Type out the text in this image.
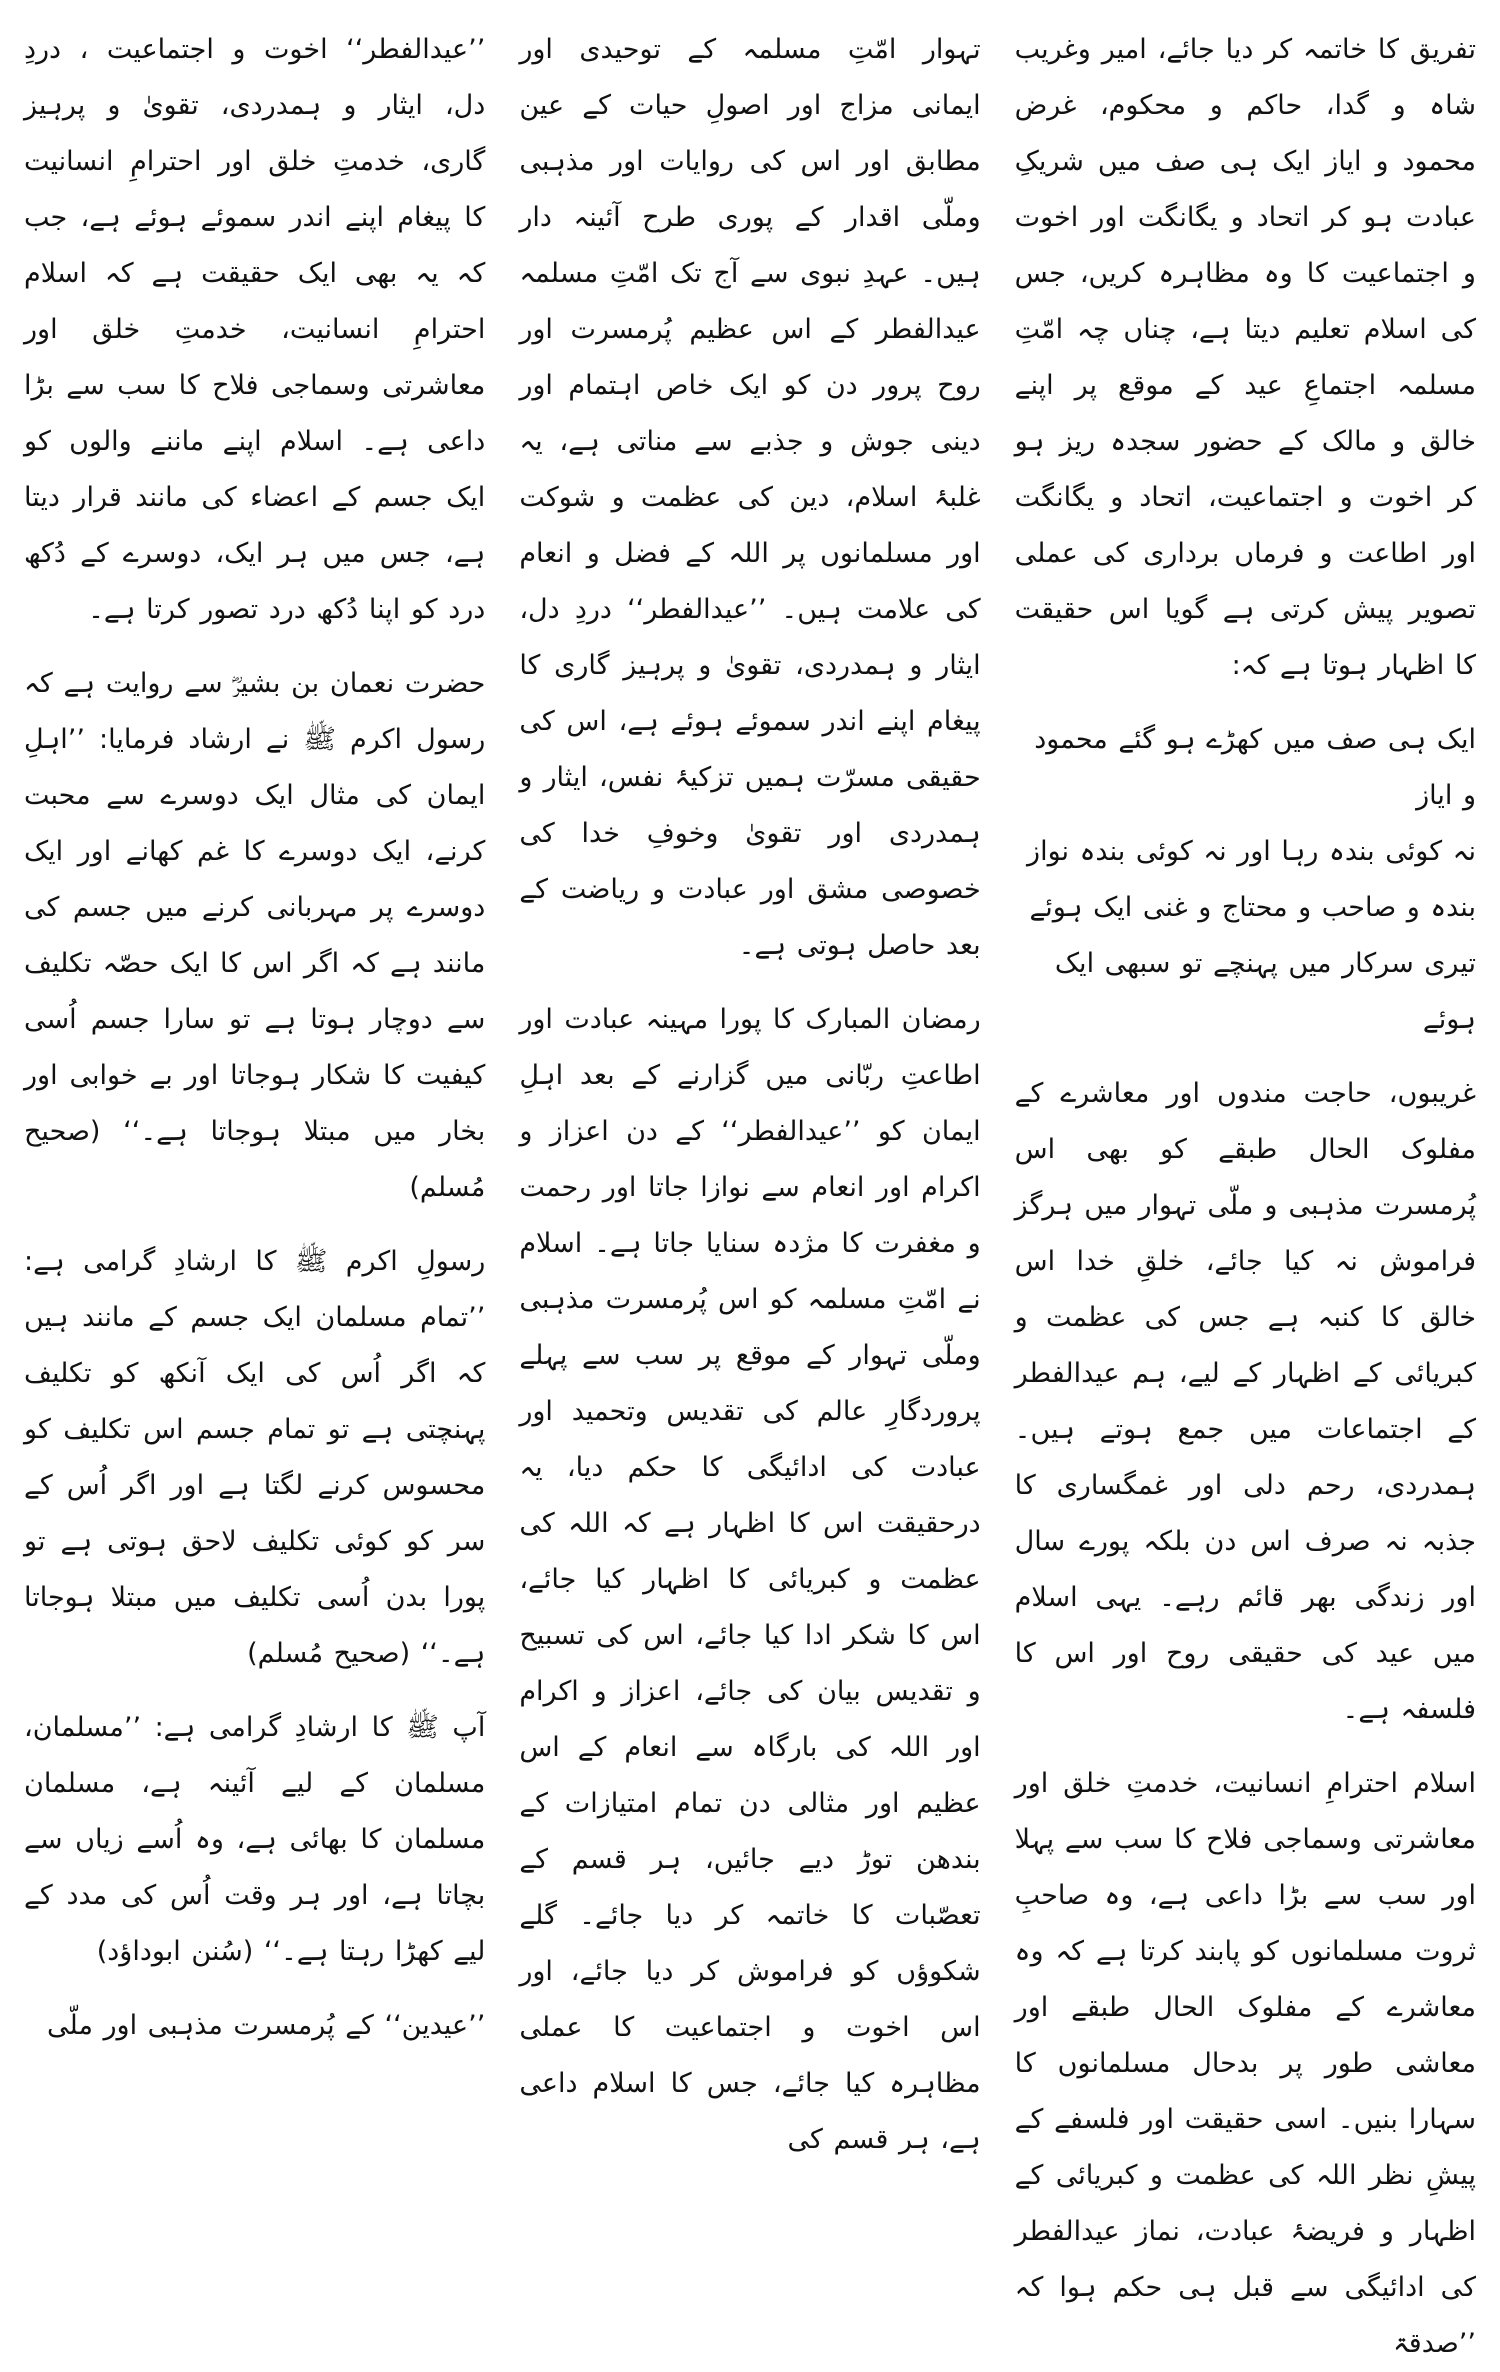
’’عیدالفطر‘‘ اخوت و اجتماعیت ، دردِ دل، ایثار و ہمدردی، تقویٰ و پرہیز گاری، خدمتِ خلق اور احترامِ انسانیت کا پیغام اپنے اندر سموئے ہوئے ہے، جب کہ یہ بھی ایک حقیقت ہے کہ اسلام احترامِ انسانیت، خدمتِ خلق اور معاشرتی وسماجی فلاح کا سب سے بڑا داعی ہے۔ اسلام اپنے ماننے والوں کو ایک جسم کے اعضاء کی مانند قرار دیتا ہے، جس میں ہر ایک، دوسرے کے دُکھ درد کو اپنا دُکھ درد تصور کرتا ہے۔

حضرت نعمان بن بشیرؓ سے روایت ہے کہ رسول اکرم ﷺ نے ارشاد فرمایا: ’’اہلِ ایمان کی مثال ایک دوسرے سے محبت کرنے، ایک دوسرے کا غم کھانے اور ایک دوسرے پر مہربانی کرنے میں جسم کی مانند ہے کہ اگر اس کا ایک حصّہ تکلیف سے دوچار ہوتا ہے تو سارا جسم اُسی کیفیت کا شکار ہوجاتا اور بے خوابی اور بخار میں مبتلا ہوجاتا ہے۔‘‘ (صحیح مُسلم)

رسولِ اکرم ﷺ کا ارشادِ گرامی ہے: ’’تمام مسلمان ایک جسم کے مانند ہیں کہ اگر اُس کی ایک آنکھ کو تکلیف پہنچتی ہے تو تمام جسم اس تکلیف کو محسوس کرنے لگتا ہے اور اگر اُس کے سر کو کوئی تکلیف لاحق ہوتی ہے تو پورا بدن اُسی تکلیف میں مبتلا ہوجاتا ہے۔‘‘ (صحیح مُسلم)

آپ ﷺ کا ارشادِ گرامی ہے: ’’مسلمان، مسلمان کے لیے آئینہ ہے، مسلمان مسلمان کا بھائی ہے، وہ اُسے زیاں سے بچاتا ہے، اور ہر وقت اُس کی مدد کے لیے کھڑا رہتا ہے۔‘‘ (سُنن ابوداؤد)

’’عیدین‘‘ کے پُرمسرت مذہبی اور ملّی

تہوار امّتِ مسلمہ کے توحیدی اور ایمانی مزاج اور اصولِ حیات کے عین مطابق اور اس کی روایات اور مذہبی وملّی اقدار کے پوری طرح آئینہ دار ہیں۔ عہدِ نبوی سے آج تک امّتِ مسلمہ عیدالفطر کے اس عظیم پُرمسرت اور روح پرور دن کو ایک خاص اہتمام اور دینی جوش و جذبے سے مناتی ہے، یہ غلبۂ اسلام، دین کی عظمت و شوکت اور مسلمانوں پر اللہ کے فضل و انعام کی علامت ہیں۔ ’’عیدالفطر‘‘ دردِ دل، ایثار و ہمدردی، تقویٰ و پرہیز گاری کا پیغام اپنے اندر سموئے ہوئے ہے، اس کی حقیقی مسرّت ہمیں تزکیۂ نفس، ایثار و ہمدردی اور تقویٰ وخوفِ خدا کی خصوصی مشق اور عبادت و ریاضت کے بعد حاصل ہوتی ہے۔

رمضان المبارک کا پورا مہینہ عبادت اور اطاعتِ ربّانی میں گزارنے کے بعد اہلِ ایمان کو ’’عیدالفطر‘‘ کے دن اعزاز و اکرام اور انعام سے نوازا جاتا اور رحمت و مغفرت کا مژدہ سنایا جاتا ہے۔ اسلام نے امّتِ مسلمہ کو اس پُرمسرت مذہبی وملّی تہوار کے موقع پر سب سے پہلے پروردگارِ عالم کی تقدیس وتحمید اور عبادت کی ادائیگی کا حکم دیا، یہ درحقیقت اس کا اظہار ہے کہ اللہ کی عظمت و کبریائی کا اظہار کیا جائے، اس کا شکر ادا کیا جائے، اس کی تسبیح و تقدیس بیان کی جائے، اعزاز و اکرام اور اللہ کی بارگاہ سے انعام کے اس عظیم اور مثالی دن تمام امتیازات کے بندھن توڑ دیے جائیں، ہر قسم کے تعصّبات کا خاتمہ کر دیا جائے۔ گلے شکوؤں کو فراموش کر دیا جائے، اور اس اخوت و اجتماعیت کا عملی مظاہرہ کیا جائے، جس کا اسلام داعی ہے، ہر قسم کی

تفریق کا خاتمہ کر دیا جائے، امیر وغریب شاہ و گدا، حاکم و محکوم، غرض محمود و ایاز ایک ہی صف میں شریکِ عبادت ہو کر اتحاد و یگانگت اور اخوت و اجتماعیت کا وہ مظاہرہ کریں، جس کی اسلام تعلیم دیتا ہے، چناں چہ امّتِ مسلمہ اجتماعِ عید کے موقع پر اپنے خالق و مالک کے حضور سجدہ ریز ہو کر اخوت و اجتماعیت، اتحاد و یگانگت اور اطاعت و فرماں برداری کی عملی تصویر پیش کرتی ہے گویا اس حقیقت کا اظہار ہوتا ہے کہ:

ایک ہی صف میں کھڑے ہو گئے محمود و ایاز

نہ کوئی بندہ رہا اور نہ کوئی بندہ نواز

بندہ و صاحب و محتاج و غنی ایک ہوئے

تیری سرکار میں پہنچے تو سبھی ایک ہوئے

غریبوں، حاجت مندوں اور معاشرے کے مفلوک الحال طبقے کو بھی اس پُرمسرت مذہبی و ملّی تہوار میں ہرگز فراموش نہ کیا جائے، خلقِ خدا اس خالق کا کنبہ ہے جس کی عظمت و کبریائی کے اظہار کے لیے، ہم عیدالفطر کے اجتماعات میں جمع ہوتے ہیں۔ ہمدردی، رحم دلی اور غمگساری کا جذبہ نہ صرف اس دن بلکہ پورے سال اور زندگی بھر قائم رہے۔ یہی اسلام میں عید کی حقیقی روح اور اس کا فلسفہ ہے۔

اسلام احترامِ انسانیت، خدمتِ خلق اور معاشرتی وسماجی فلاح کا سب سے پہلا اور سب سے بڑا داعی ہے، وہ صاحبِ ثروت مسلمانوں کو پابند کرتا ہے کہ وہ معاشرے کے مفلوک الحال طبقے اور معاشی طور پر بدحال مسلمانوں کا سہارا بنیں۔ اسی حقیقت اور فلسفے کے پیشِ نظر اللہ کی عظمت و کبریائی کے اظہار و فریضۂ عبادت، نماز عیدالفطر کی ادائیگی سے قبل ہی حکم ہوا کہ ’’صدقۃ
